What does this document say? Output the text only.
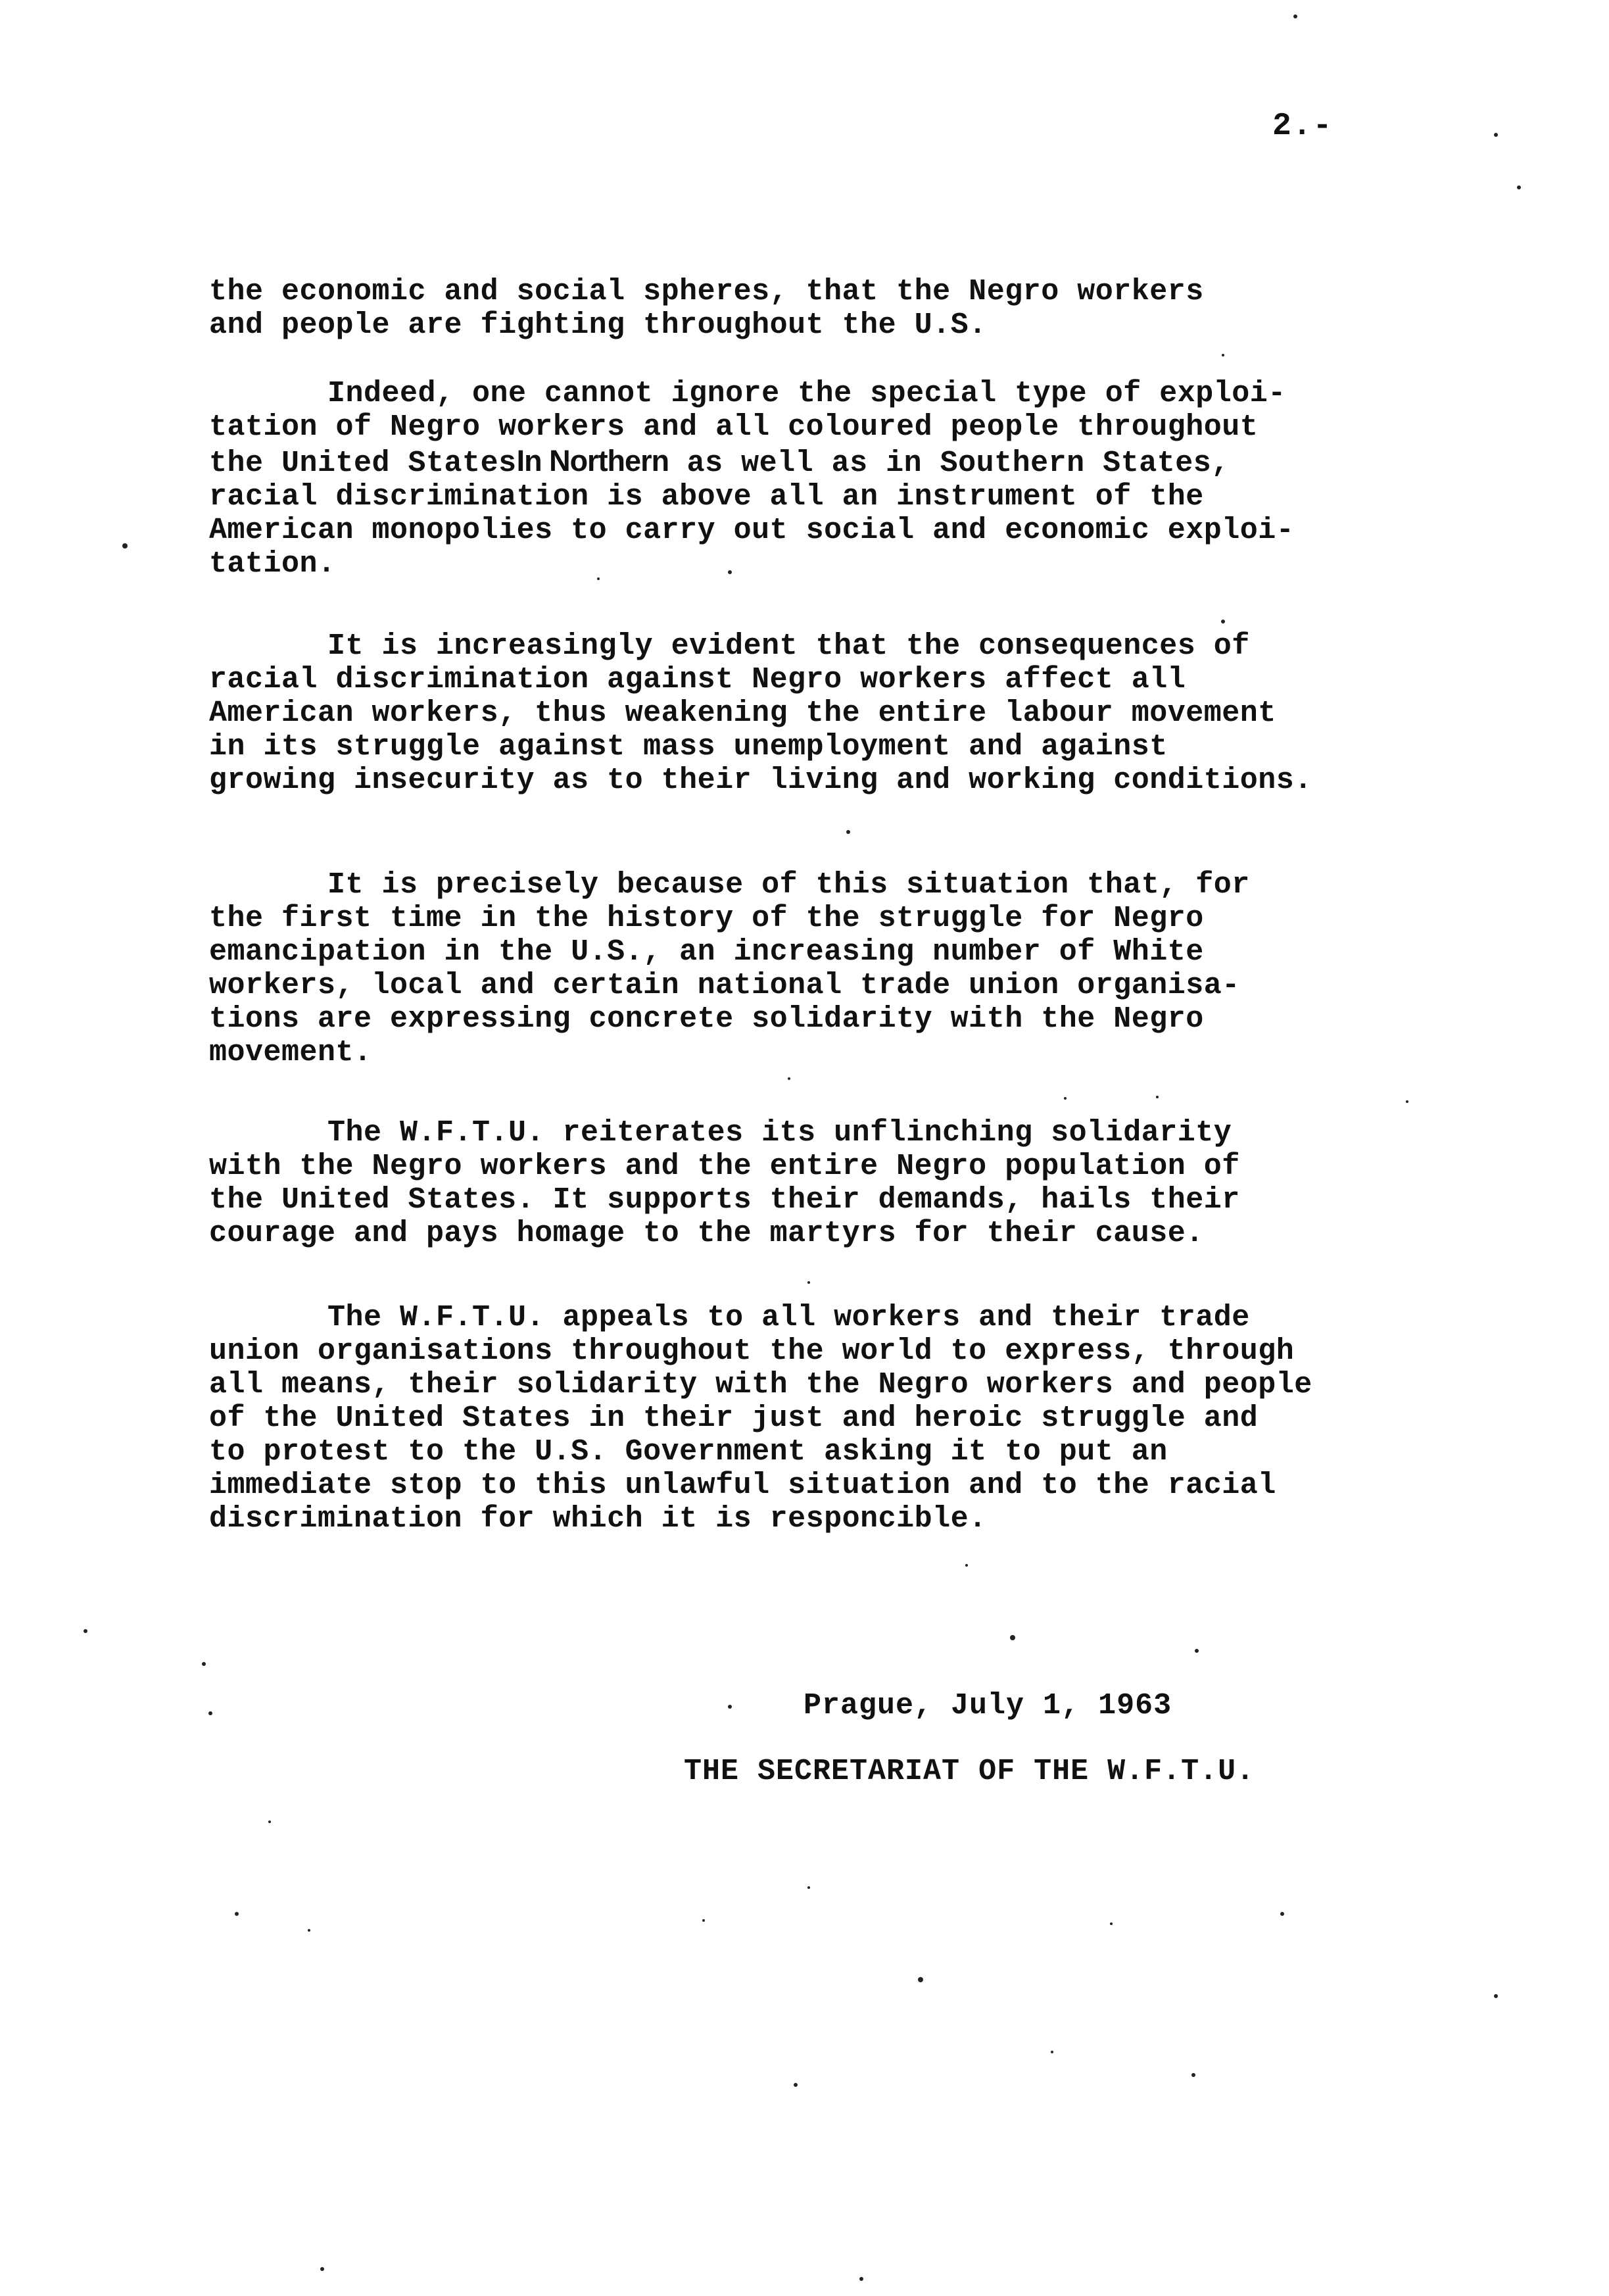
2.-
the economic and social spheres, that the Negro workers
and people are fighting throughout the U.S.
Indeed, one cannot ignore the special type of exploi-
tation of Negro workers and all coloured people throughout
the United StatesIn Northern as well as in Southern States,
racial discrimination is above all an instrument of the
American monopolies to carry out social and economic exploi-
tation.
It is increasingly evident that the consequences of
racial discrimination against Negro workers affect all
American workers, thus weakening the entire labour movement
in its struggle against mass unemployment and against
growing insecurity as to their living and working conditions.
It is precisely because of this situation that, for
the first time in the history of the struggle for Negro
emancipation in the U.S., an increasing number of White
workers, local and certain national trade union organisa-
tions are expressing concrete solidarity with the Negro
movement.
The W.F.T.U. reiterates its unflinching solidarity
with the Negro workers and the entire Negro population of
the United States. It supports their demands, hails their
courage and pays homage to the martyrs for their cause.
The W.F.T.U. appeals to all workers and their trade
union organisations throughout the world to express, through
all means, their solidarity with the Negro workers and people
of the United States in their just and heroic struggle and
to protest to the U.S. Government asking it to put an
immediate stop to this unlawful situation and to the racial
discrimination for which it is responcible.
Prague, July 1, 1963
THE SECRETARIAT OF THE W.F.T.U.
